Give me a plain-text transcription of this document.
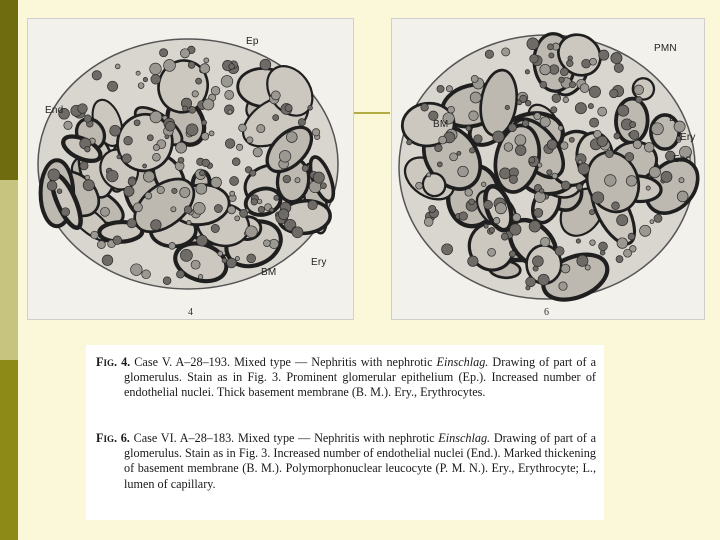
Ep
End
BM
Ery
4
PMN
L
Ery
End
BM
6
Fig. 4. Case V. A–28–193. Mixed type — Nephritis with nephrotic Einschlag. Drawing of part of a glomerulus. Stain as in Fig. 3. Prominent glomerular epithelium (Ep.). Increased number of endothelial nuclei. Thick basement membrane (B. M.). Ery., Erythrocytes.
Fig. 6. Case VI. A–28–183. Mixed type — Nephritis with nephrotic Einschlag. Drawing of part of a glomerulus. Stain as in Fig. 3. Increased number of endothelial nuclei (End.). Marked thickening of basement membrane (B. M.). Polymorphonuclear leucocyte (P. M. N.). Ery., Erythrocyte; L., lumen of capillary.
